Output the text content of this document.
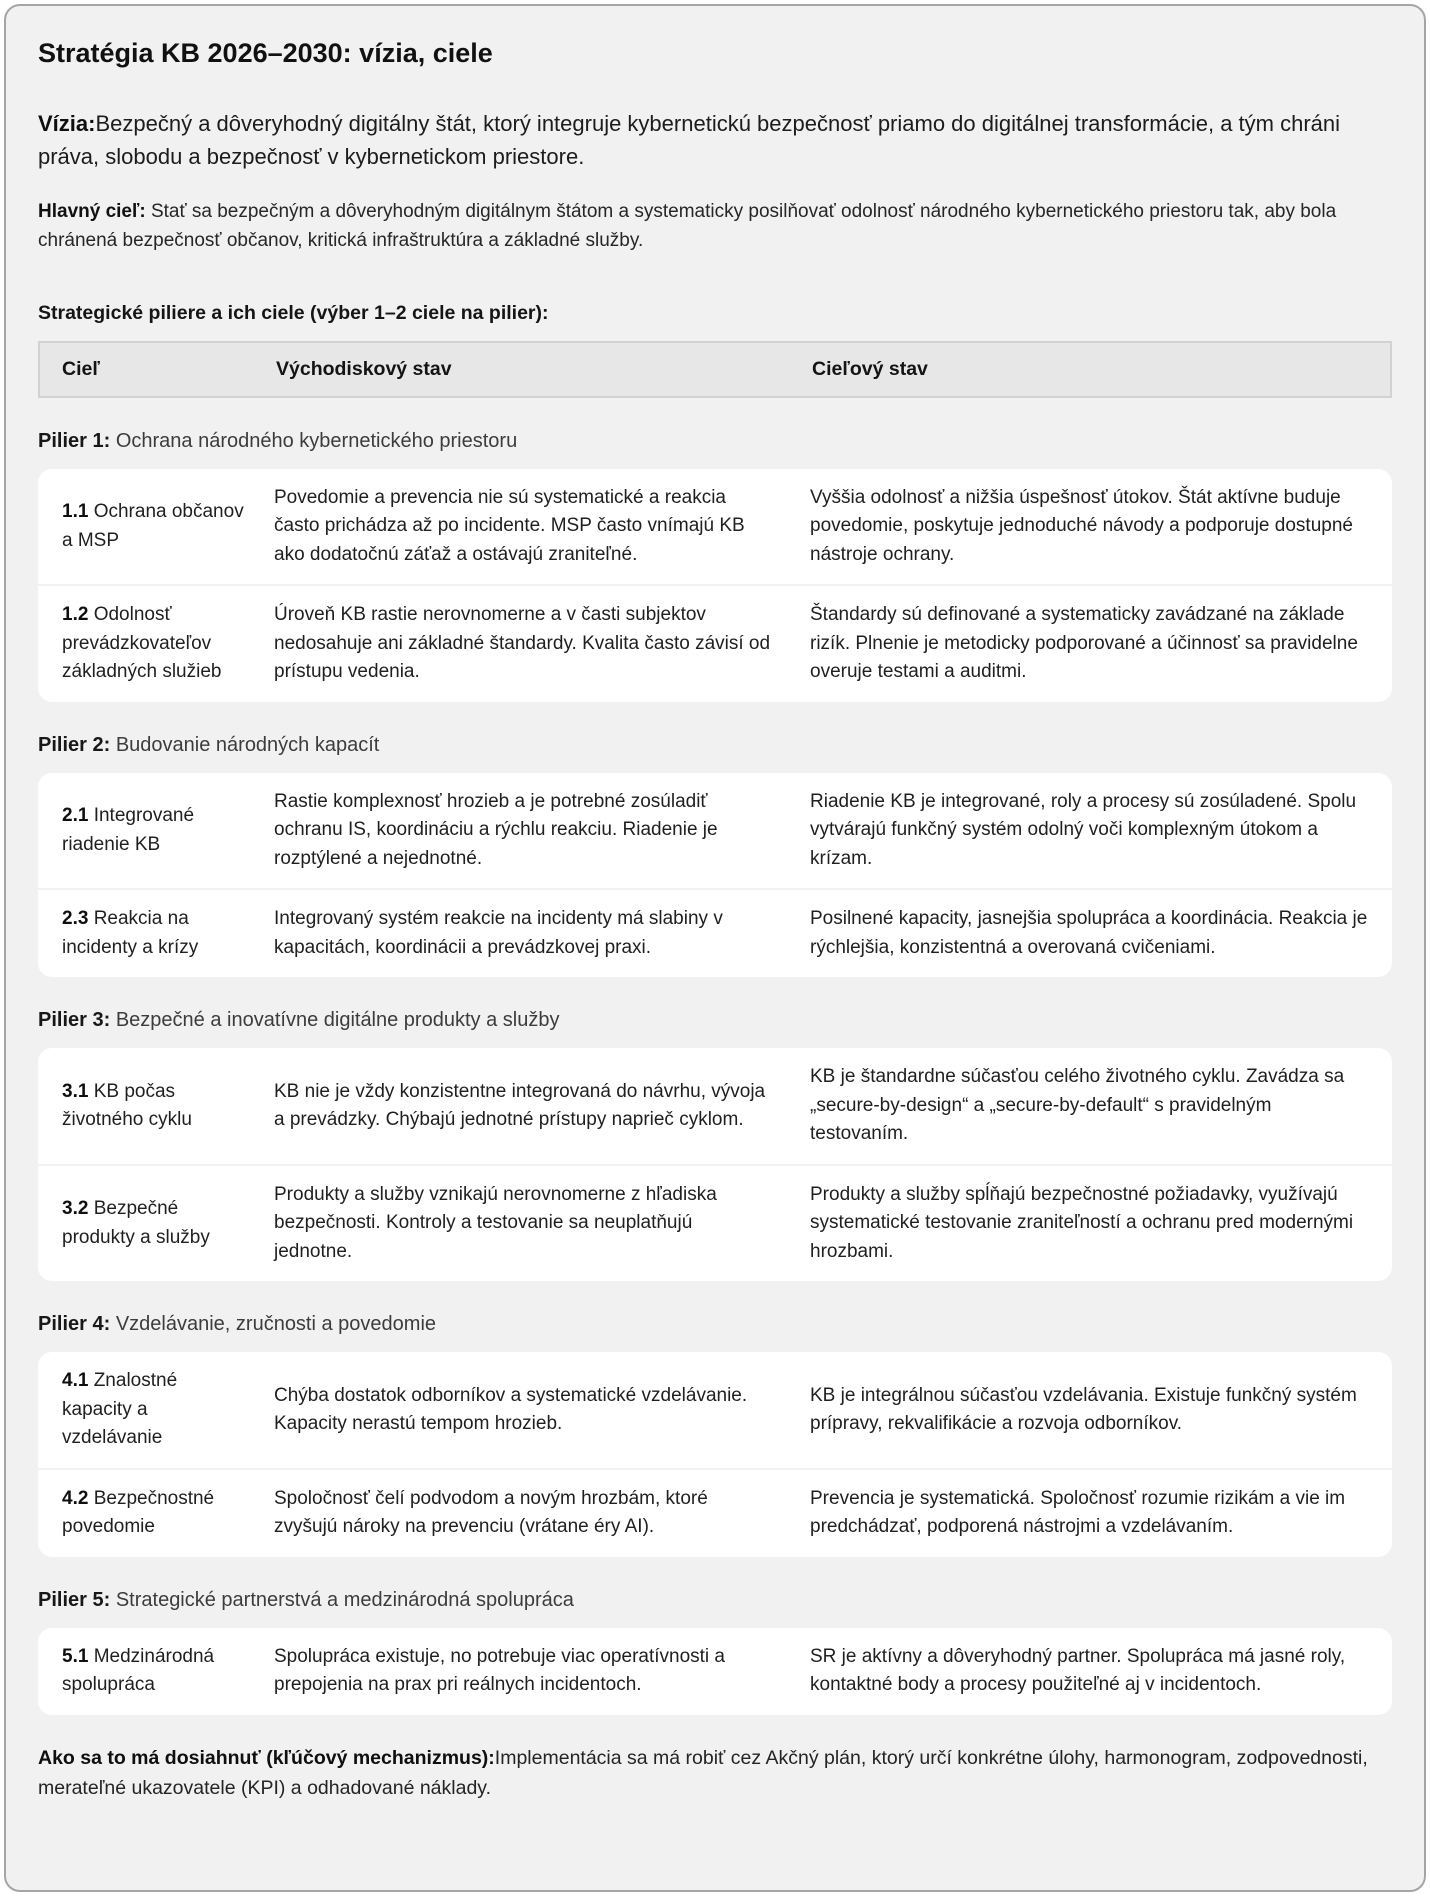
Stratégia KB 2026–2030: vízia, ciele

Vízia:Bezpečný a dôveryhodný digitálny štát, ktorý integruje kybernetickú bezpečnosť priamo do digitálnej transformácie, a tým chráni práva, slobodu a bezpečnosť v kybernetickom priestore.

Hlavný cieľ: Stať sa bezpečným a dôveryhodným digitálnym štátom a systematicky posilňovať odolnosť národného kybernetického priestoru tak, aby bola chránená bezpečnosť občanov, kritická infraštruktúra a základné služby.

Strategické piliere a ich ciele (výber 1–2 ciele na pilier):
Cieľ	Východiskový stav	Cieľový stav
Pilier 1: Ochrana národného kybernetického priestoru
1.1 Ochrana občanov a MSP
Povedomie a prevencia nie sú systematické a reakcia často prichádza až po incidente. MSP často vnímajú KB ako dodatočnú záťaž a ostávajú zraniteľné.
Vyššia odolnosť a nižšia úspešnosť útokov. Štát aktívne buduje povedomie, poskytuje jednoduché návody a podporuje dostupné nástroje ochrany.
1.2 Odolnosť prevádzkovateľov základných služieb
Úroveň KB rastie nerovnomerne a v časti subjektov nedosahuje ani základné štandardy. Kvalita často závisí od prístupu vedenia.
Štandardy sú definované a systematicky zavádzané na základe rizík. Plnenie je metodicky podporované a účinnosť sa pravidelne overuje testami a auditmi.
Pilier 2: Budovanie národných kapacít
2.1 Integrované riadenie KB
Rastie komplexnosť hrozieb a je potrebné zosúladiť ochranu IS, koordináciu a rýchlu reakciu. Riadenie je rozptýlené a nejednotné.
Riadenie KB je integrované, roly a procesy sú zosúladené. Spolu vytvárajú funkčný systém odolný voči komplexným útokom a krízam.
2.3 Reakcia na incidenty a krízy
Integrovaný systém reakcie na incidenty má slabiny v kapacitách, koordinácii a prevádzkovej praxi.
Posilnené kapacity, jasnejšia spolupráca a koordinácia. Reakcia je rýchlejšia, konzistentná a overovaná cvičeniami.
Pilier 3: Bezpečné a inovatívne digitálne produkty a služby
3.1 KB počas životného cyklu
KB nie je vždy konzistentne integrovaná do návrhu, vývoja a prevádzky. Chýbajú jednotné prístupy naprieč cyklom.
KB je štandardne súčasťou celého životného cyklu. Zavádza sa „secure-by-design“ a „secure-by-default“ s pravidelným testovaním.
3.2 Bezpečné produkty a služby
Produkty a služby vznikajú nerovnomerne z hľadiska bezpečnosti. Kontroly a testovanie sa neuplatňujú jednotne.
Produkty a služby spĺňajú bezpečnostné požiadavky, využívajú systematické testovanie zraniteľností a ochranu pred modernými hrozbami.
Pilier 4: Vzdelávanie, zručnosti a povedomie
4.1 Znalostné kapacity a vzdelávanie
Chýba dostatok odborníkov a systematické vzdelávanie. Kapacity nerastú tempom hrozieb.
KB je integrálnou súčasťou vzdelávania. Existuje funkčný systém prípravy, rekvalifikácie a rozvoja odborníkov.
4.2 Bezpečnostné povedomie
Spoločnosť čelí podvodom a novým hrozbám, ktoré zvyšujú nároky na prevenciu (vrátane éry AI).
Prevencia je systematická. Spoločnosť rozumie rizikám a vie im predchádzať, podporená nástrojmi a vzdelávaním.
Pilier 5: Strategické partnerstvá a medzinárodná spolupráca
5.1 Medzinárodná spolupráca
Spolupráca existuje, no potrebuje viac operatívnosti a prepojenia na prax pri reálnych incidentoch.
SR je aktívny a dôveryhodný partner. Spolupráca má jasné roly, kontaktné body a procesy použiteľné aj v incidentoch.

Ako sa to má dosiahnuť (kľúčový mechanizmus):Implementácia sa má robiť cez Akčný plán, ktorý určí konkrétne úlohy, harmonogram, zodpovednosti, merateľné ukazovatele (KPI) a odhadované náklady.
